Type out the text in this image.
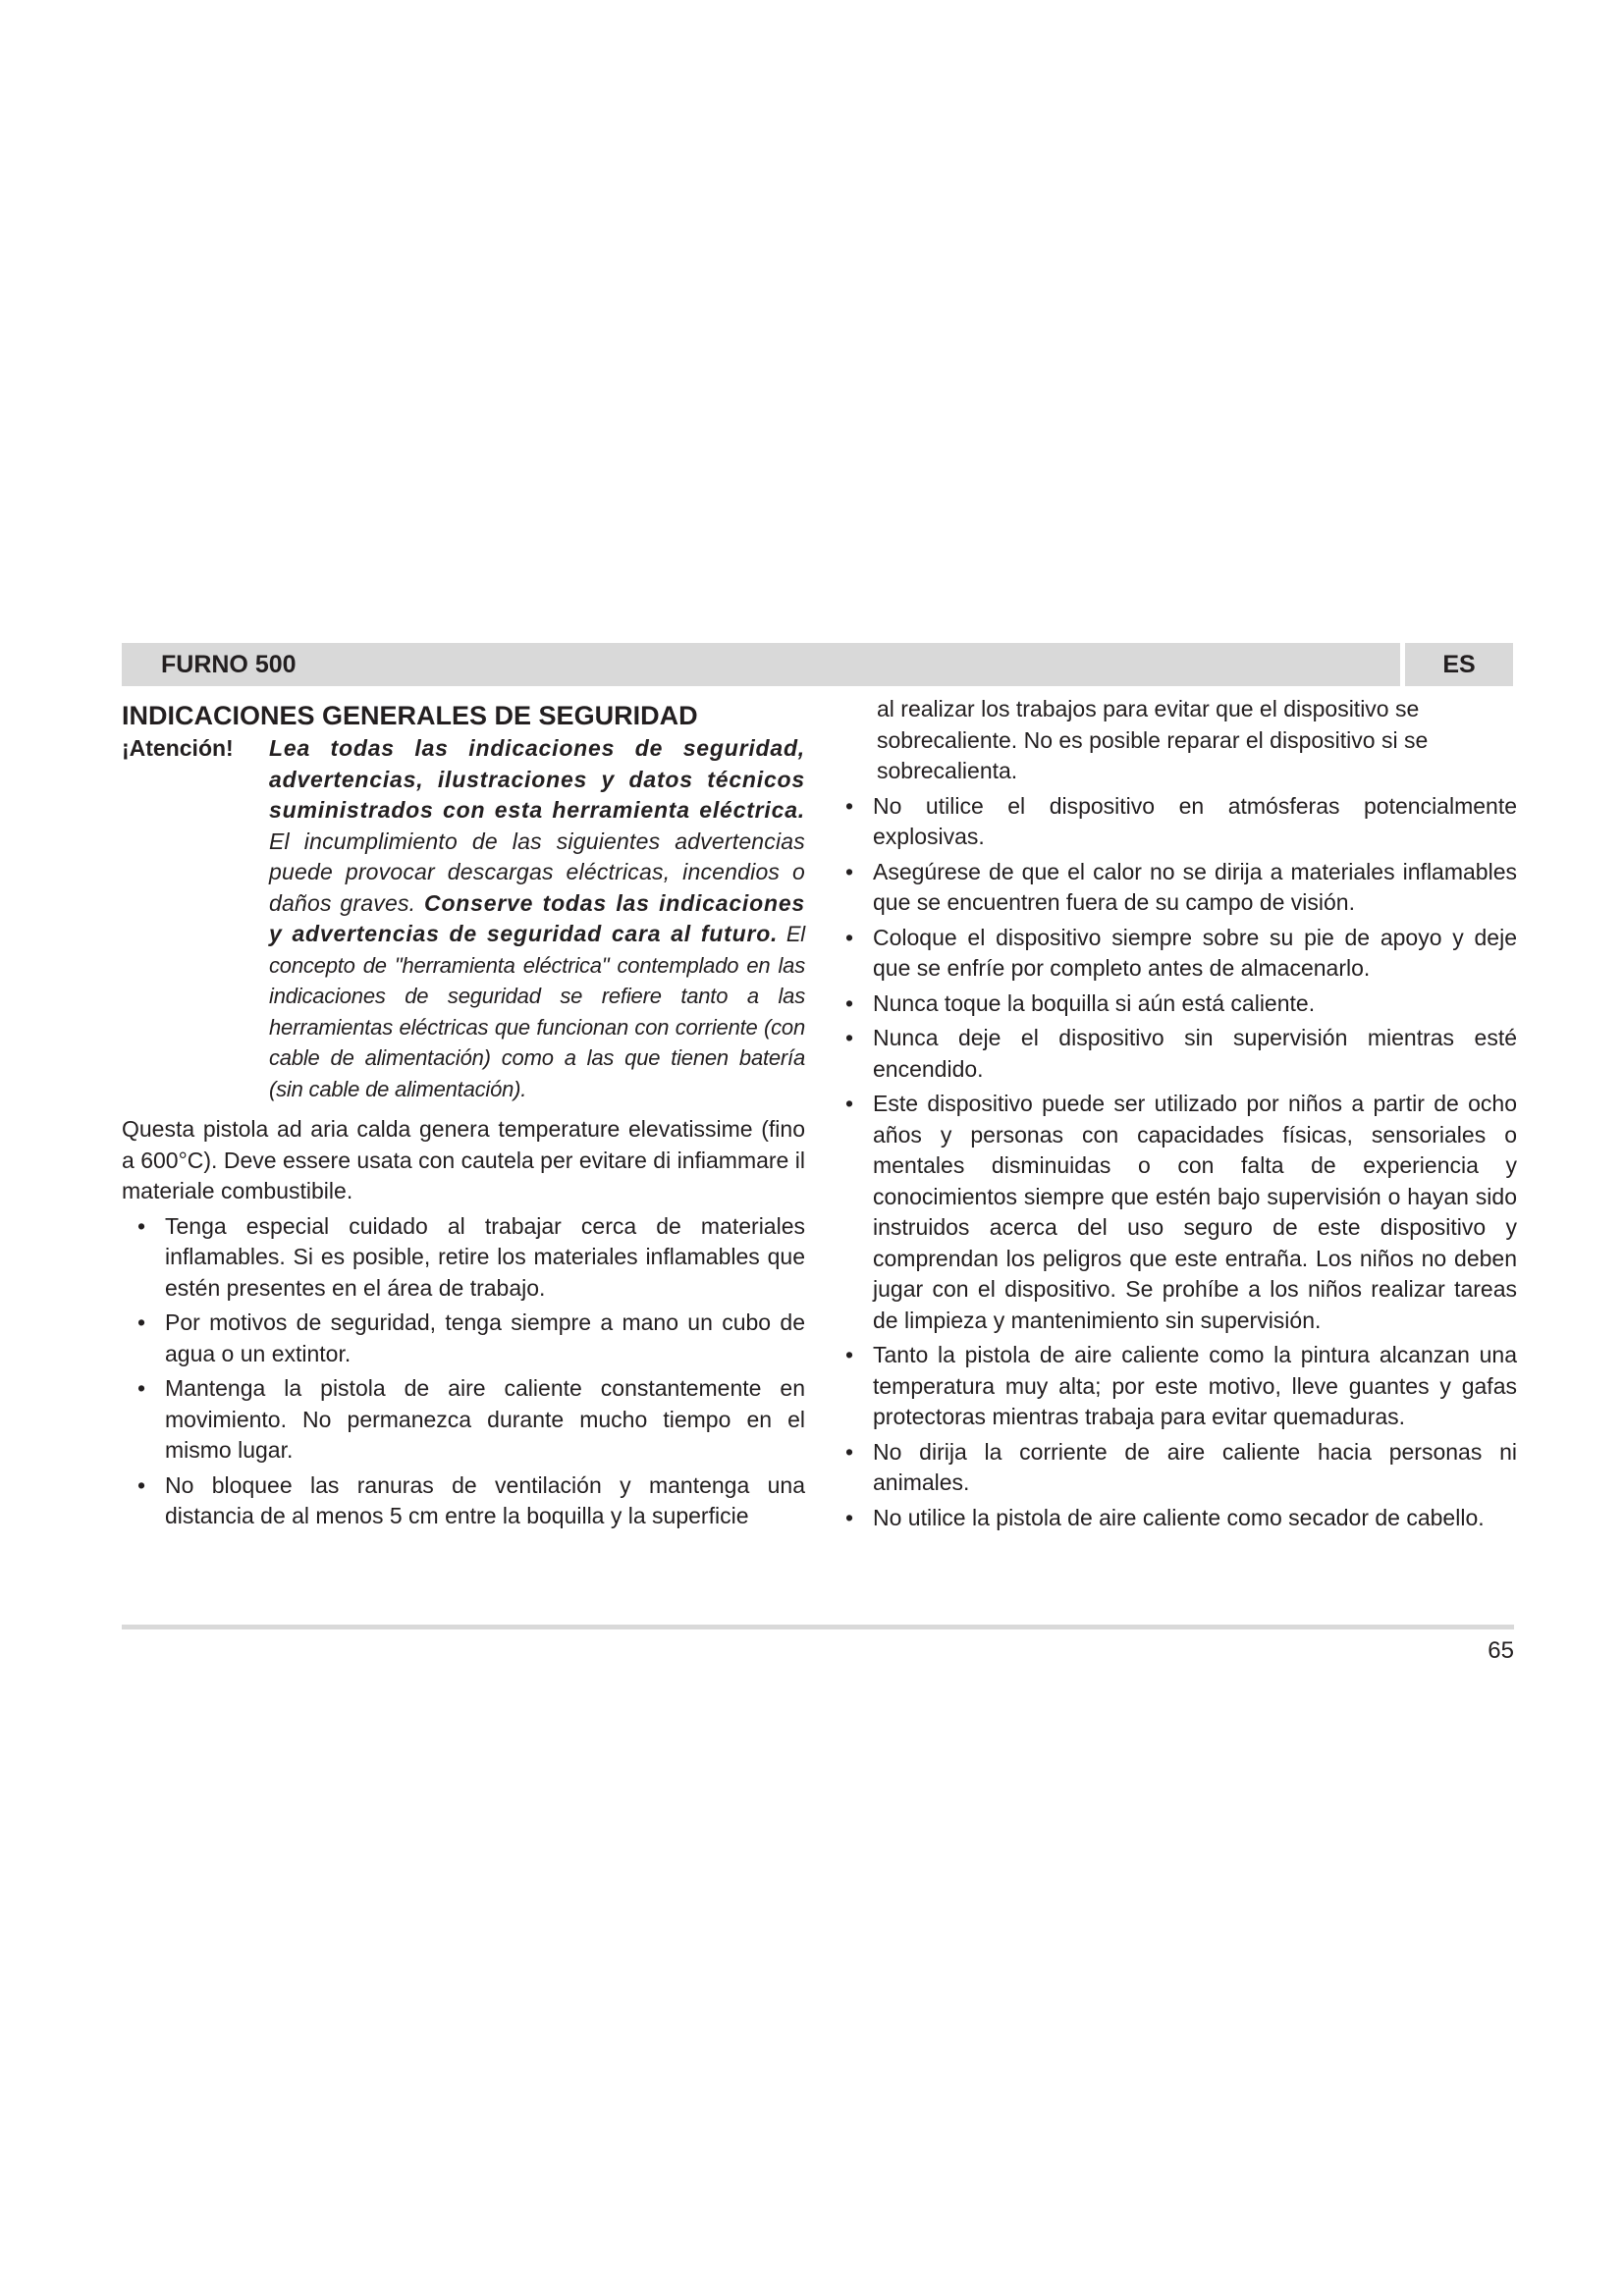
FURNO 500	ES
INDICACIONES GENERALES DE SEGURIDAD
¡Atención! Lea todas las indicaciones de seguridad, advertencias, ilustraciones y datos técnicos suministrados con esta herramienta eléctrica. El incumplimiento de las siguientes advertencias puede provocar descargas eléctricas, incendios o daños graves. Conserve todas las indicaciones y advertencias de seguridad cara al futuro. El concepto de "herramienta eléctrica" contemplado en las indicaciones de seguridad se refiere tanto a las herramientas eléctricas que funcionan con corriente (con cable de alimentación) como a las que tienen batería (sin cable de alimentación).
Questa pistola ad aria calda genera temperature elevatissime (fino a 600°C). Deve essere usata con cautela per evitare di infiammare il materiale combustibile.
• Tenga especial cuidado al trabajar cerca de materiales inflamables. Si es posible, retire los materiales inflamables que estén presentes en el área de trabajo.
• Por motivos de seguridad, tenga siempre a mano un cubo de agua o un extintor.
• Mantenga la pistola de aire caliente constantemente en movimiento. No permanezca durante mucho tiempo en el mismo lugar.
• No bloquee las ranuras de ventilación y mantenga una distancia de al menos 5 cm entre la boquilla y la superficie
al realizar los trabajos para evitar que el dispositivo se sobrecaliente. No es posible reparar el dispositivo si se sobrecalienta.
• No utilice el dispositivo en atmósferas potencialmente explosivas.
• Asegúrese de que el calor no se dirija a materiales inflamables que se encuentren fuera de su campo de visión.
• Coloque el dispositivo siempre sobre su pie de apoyo y deje que se enfríe por completo antes de almacenarlo.
• Nunca toque la boquilla si aún está caliente.
• Nunca deje el dispositivo sin supervisión mientras esté encendido.
• Este dispositivo puede ser utilizado por niños a partir de ocho años y personas con capacidades físicas, sensoriales o mentales disminuidas o con falta de experiencia y conocimientos siempre que estén bajo supervisión o hayan sido instruidos acerca del uso seguro de este dispositivo y comprendan los peligros que este entraña. Los niños no deben jugar con el dispositivo. Se prohíbe a los niños realizar tareas de limpieza y mantenimiento sin supervisión.
• Tanto la pistola de aire caliente como la pintura alcanzan una temperatura muy alta; por este motivo, lleve guantes y gafas protectoras mientras trabaja para evitar quemaduras.
• No dirija la corriente de aire caliente hacia personas ni animales.
• No utilice la pistola de aire caliente como secador de cabello.
65
